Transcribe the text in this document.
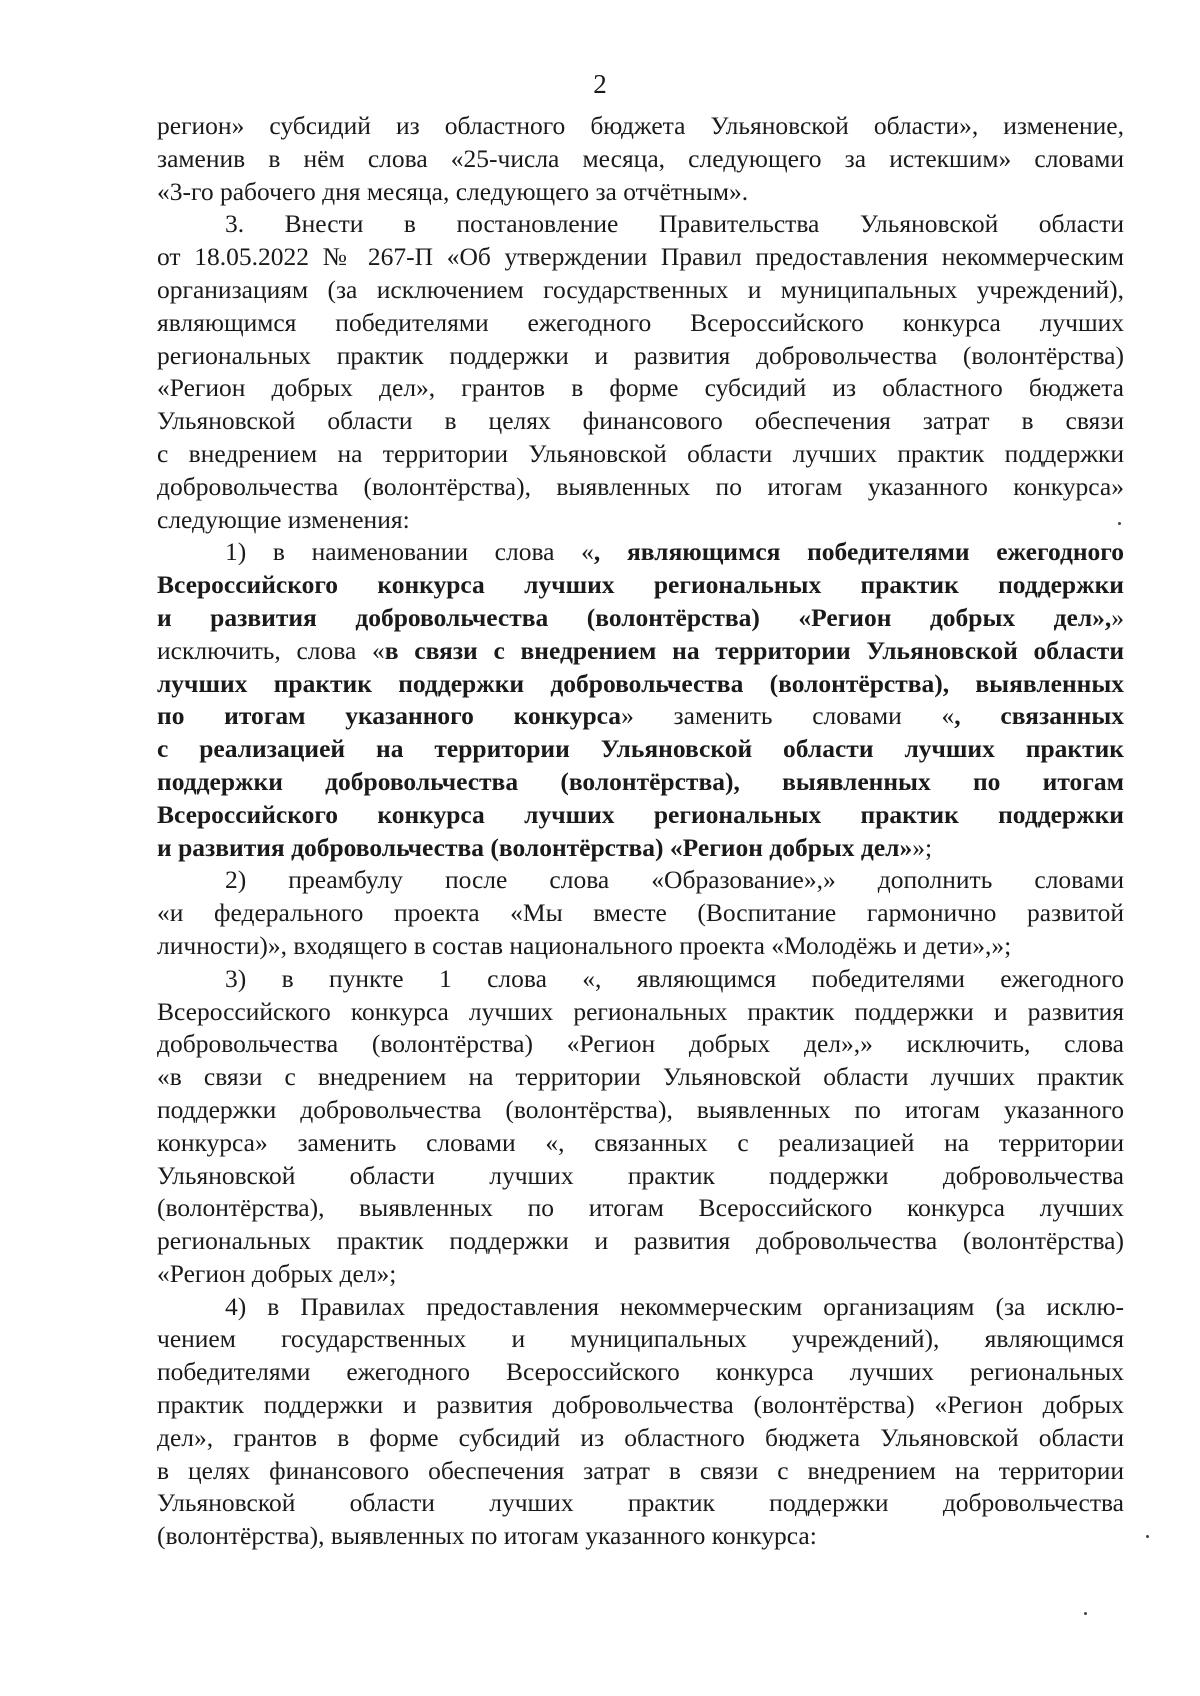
2
регион» субсидий из областного бюджета Ульяновской области», изменение,
заменив в нём слова «25-числа месяца, следующего за истекшим» словами
«3-го рабочего дня месяца, следующего за отчётным».
3. Внести в постановление Правительства Ульяновской области
от 18.05.2022 № 267-П «Об утверждении Правил предоставления некоммерческим
организациям (за исключением государственных и муниципальных учреждений),
являющимся победителями ежегодного Всероссийского конкурса лучших
региональных практик поддержки и развития добровольчества (волонтёрства)
«Регион добрых дел», грантов в форме субсидий из областного бюджета
Ульяновской области в целях финансового обеспечения затрат в связи
с внедрением на территории Ульяновской области лучших практик поддержки
добровольчества (волонтёрства), выявленных по итогам указанного конкурса»
следующие изменения:
1) в наименовании слова «, являющимся победителями ежегодного
Всероссийского конкурса лучших региональных практик поддержки
и развития добровольчества (волонтёрства) «Регион добрых дел»,»
исключить, слова «в связи с внедрением на территории Ульяновской области
лучших практик поддержки добровольчества (волонтёрства), выявленных
по итогам указанного конкурса» заменить словами «, связанных
с реализацией на территории Ульяновской области лучших практик
поддержки добровольчества (волонтёрства), выявленных по итогам
Всероссийского конкурса лучших региональных практик поддержки
и развития добровольчества (волонтёрства) «Регион добрых дел»»;
2) преамбулу после слова «Образование»,» дополнить словами
«и федерального проекта «Мы вместе (Воспитание гармонично развитой
личности)», входящего в состав национального проекта «Молодёжь и дети»,»;
3) в пункте 1 слова «, являющимся победителями ежегодного
Всероссийского конкурса лучших региональных практик поддержки и развития
добровольчества (волонтёрства) «Регион добрых дел»,» исключить, слова
«в связи с внедрением на территории Ульяновской области лучших практик
поддержки добровольчества (волонтёрства), выявленных по итогам указанного
конкурса» заменить словами «, связанных с реализацией на территории
Ульяновской области лучших практик поддержки добровольчества
(волонтёрства), выявленных по итогам Всероссийского конкурса лучших
региональных практик поддержки и развития добровольчества (волонтёрства)
«Регион добрых дел»;
4) в Правилах предоставления некоммерческим организациям (за исклю-
чением государственных и муниципальных учреждений), являющимся
победителями ежегодного Всероссийского конкурса лучших региональных
практик поддержки и развития добровольчества (волонтёрства) «Регион добрых
дел», грантов в форме субсидий из областного бюджета Ульяновской области
в целях финансового обеспечения затрат в связи с внедрением на территории
Ульяновской области лучших практик поддержки добровольчества
(волонтёрства), выявленных по итогам указанного конкурса:
